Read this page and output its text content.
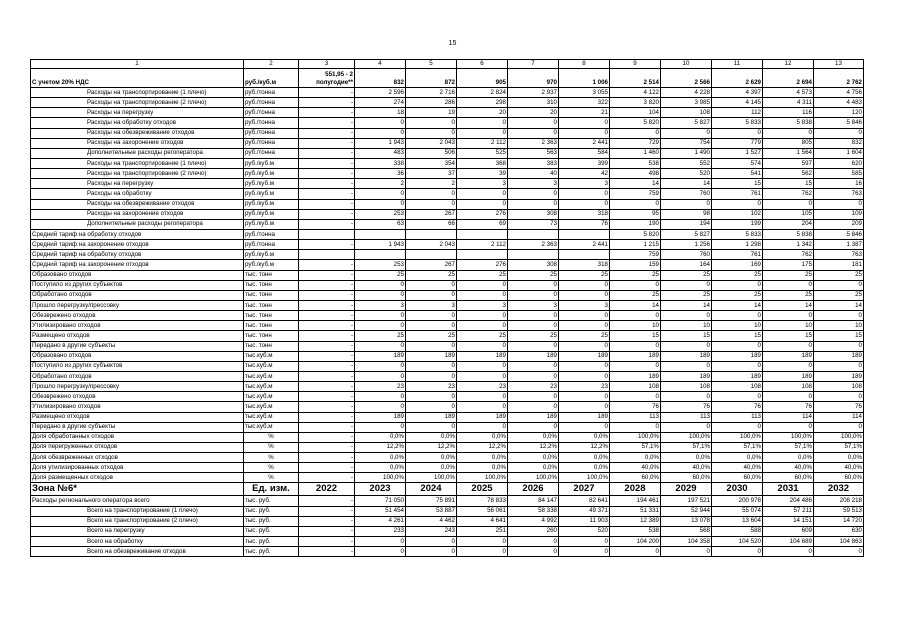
15
1	2	3	4	5	6	7	8	9	10	11	12	13
С учетом 20% НДС	руб./куб.м	551,95 - 2 полугодие**	832	872	905	970	1 006	2 514	2 566	2 629	2 694	2 762
Расходы на транспортирование (1 плечо)	руб./тонна	-	2 596	2 716	2 824	2 937	3 055	4 122	4 228	4 397	4 573	4 756
Расходы на транспортирование (2 плечо)	руб./тонна	-	274	286	298	310	322	3 820	3 985	4 145	4 311	4 483
Расходы на перегрузку	руб./тонна	-	18	19	20	20	21	104	108	112	116	120
Расходы на обработку отходов	руб./тонна	-	0	0	0	0	0	5 820	5 827	5 833	5 838	5 846
Расходы на обезвреживание отходов	руб./тонна	-	0	0	0	0	0	0	0	0	0	0
Расходы на захоронение отходов	руб./тонна	-	1 943	2 043	2 112	2 363	2 441	729	754	779	805	832
Дополнительные расходы регоператора	руб./тонна	-	483	506	525	563	584	1 460	1 490	1 527	1 564	1 604
Расходы на транспортирование (1 плечо)	руб./куб.м	-	338	354	368	383	399	538	552	574	597	620
Расходы на транспортирование (2 плечо)	руб./куб.м	-	36	37	39	40	42	498	520	541	562	585
Расходы на перегрузку	руб./куб.м	-	2	2	3	3	3	14	14	15	15	16
Расходы на обработку	руб./куб.м	-	0	0	0	0	0	759	760	761	762	763
Расходы на обезвреживание отходов	руб./куб.м	-	0	0	0	0	0	0	0	0	0	0
Расходы на захоронение отходов	руб./куб.м	-	253	267	276	308	318	95	98	102	105	109
Дополнительные расходы регоператора	руб./куб.м	-	63	66	69	73	76	190	194	199	204	209
Средний тариф на обработку отходов	руб./тонна							5 820	5 827	5 833	5 838	5 846
Средний тариф на захоронение отходов	руб./тонна	-	1 943	2 043	2 112	2 363	2 441	1 215	1 256	1 298	1 342	1 387
Средний тариф на обработку отходов	руб./куб.м							759	760	761	762	763
Средний тариф на захоронение отходов	руб./куб.м	-	253	267	276	308	318	159	164	169	175	181
Образовано отходов	тыс. тонн	-	25	25	25	25	25	25	25	25	25	25
Поступило из других субъектов	тыс. тонн	-	0	0	0	0	0	0	0	0	0	0
Обработано отходов	тыс. тонн	-	0	0	0	0	0	25	25	25	25	25
Прошло перегрузку/прессовку	тыс. тонн	-	3	3	3	3	3	14	14	14	14	14
Обезврежено отходов	тыс. тонн	-	0	0	0	0	0	0	0	0	0	0
Утилизировано отходов	тыс. тонн	-	0	0	0	0	0	10	10	10	10	10
Размещено отходов	тыс. тонн	-	25	25	25	25	25	15	15	15	15	15
Передано в другие субъекты	тыс. тонн	-	0	0	0	0	0	0	0	0	0	0
Образовано отходов	тыс.куб.м	-	189	189	189	189	189	189	189	189	189	189
Поступило из других субъектов	тыс.куб.м	-	0	0	0	0	0	0	0	0	0	0
Обработано отходов	тыс.куб.м	-	0	0	0	0	0	189	189	189	189	189
Прошло перегрузку/прессовку	тыс.куб.м	-	23	23	23	23	23	108	108	108	108	108
Обезврежено отходов	тыс.куб.м	-	0	0	0	0	0	0	0	0	0	0
Утилизировано отходов	тыс.куб.м	-	0	0	0	0	0	76	76	76	76	76
Размещено отходов	тыс.куб.м	-	189	189	189	189	189	113	113	113	114	114
Передано в другие субъекты	тыс.куб.м	-	0	0	0	0	0	0	0	0	0	0
Доля обработанных отходов	%	-	0,0%	0,0%	0,0%	0,0%	0,0%	100,0%	100,0%	100,0%	100,0%	100,0%
Доля перегруженных отходов	%	-	12,2%	12,2%	12,2%	12,2%	12,2%	57,1%	57,1%	57,1%	57,1%	57,1%
Доля обезвреженных отходов	%	-	0,0%	0,0%	0,0%	0,0%	0,0%	0,0%	0,0%	0,0%	0,0%	0,0%
Доля утилизированных отходов	%	-	0,0%	0,0%	0,0%	0,0%	0,0%	40,0%	40,0%	40,0%	40,0%	40,0%
Доля размещенных отходов	%	-	100,0%	100,0%	100,0%	100,0%	100,0%	60,0%	60,0%	60,0%	60,0%	60,0%
Зона №6*	Ед. изм.	2022	2023	2024	2025	2026	2027	2028	2029	2030	2031	2032
Расходы регионального оператора всего	тыс. руб.	-	71 050	75 891	78 833	84 147	82 641	194 461	197 521	200 978	204 486	208 218
Всего на транспортирование (1 плечо)	тыс. руб.	-	51 454	53 887	56 061	58 338	49 371	51 331	52 944	55 074	57 211	59 513
Всего на транспортирование (2 плечо)	тыс. руб.	-	4 261	4 462	4 641	4 992	11 903	12 389	13 078	13 604	14 151	14 720
Всего на перегрузку	тыс. руб.	-	233	243	251	260	520	538	568	588	609	630
Всего на обработку	тыс. руб.	-	0	0	0	0	0	104 200	104 358	104 520	104 689	104 863
Всего на обезвреживание отходов	тыс. руб.	-	0	0	0	0	0	0	0	0	0	0
